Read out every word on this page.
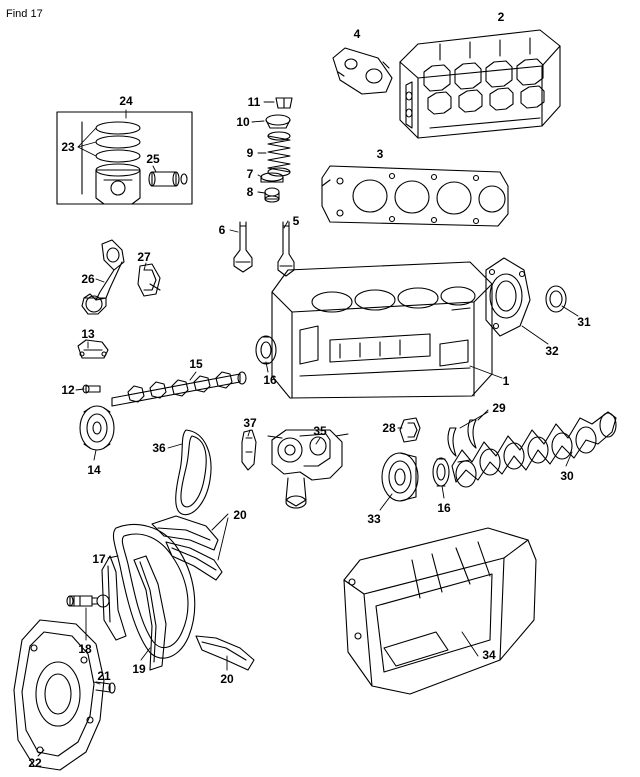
Find 17
1
2
3
4
5
6
7
8
9
10
11
12
13
14
15
16
17
18
19
20
20
21
22
23
24
25
26
27
28
29
30
31
32
33
34
35
36
37
16
